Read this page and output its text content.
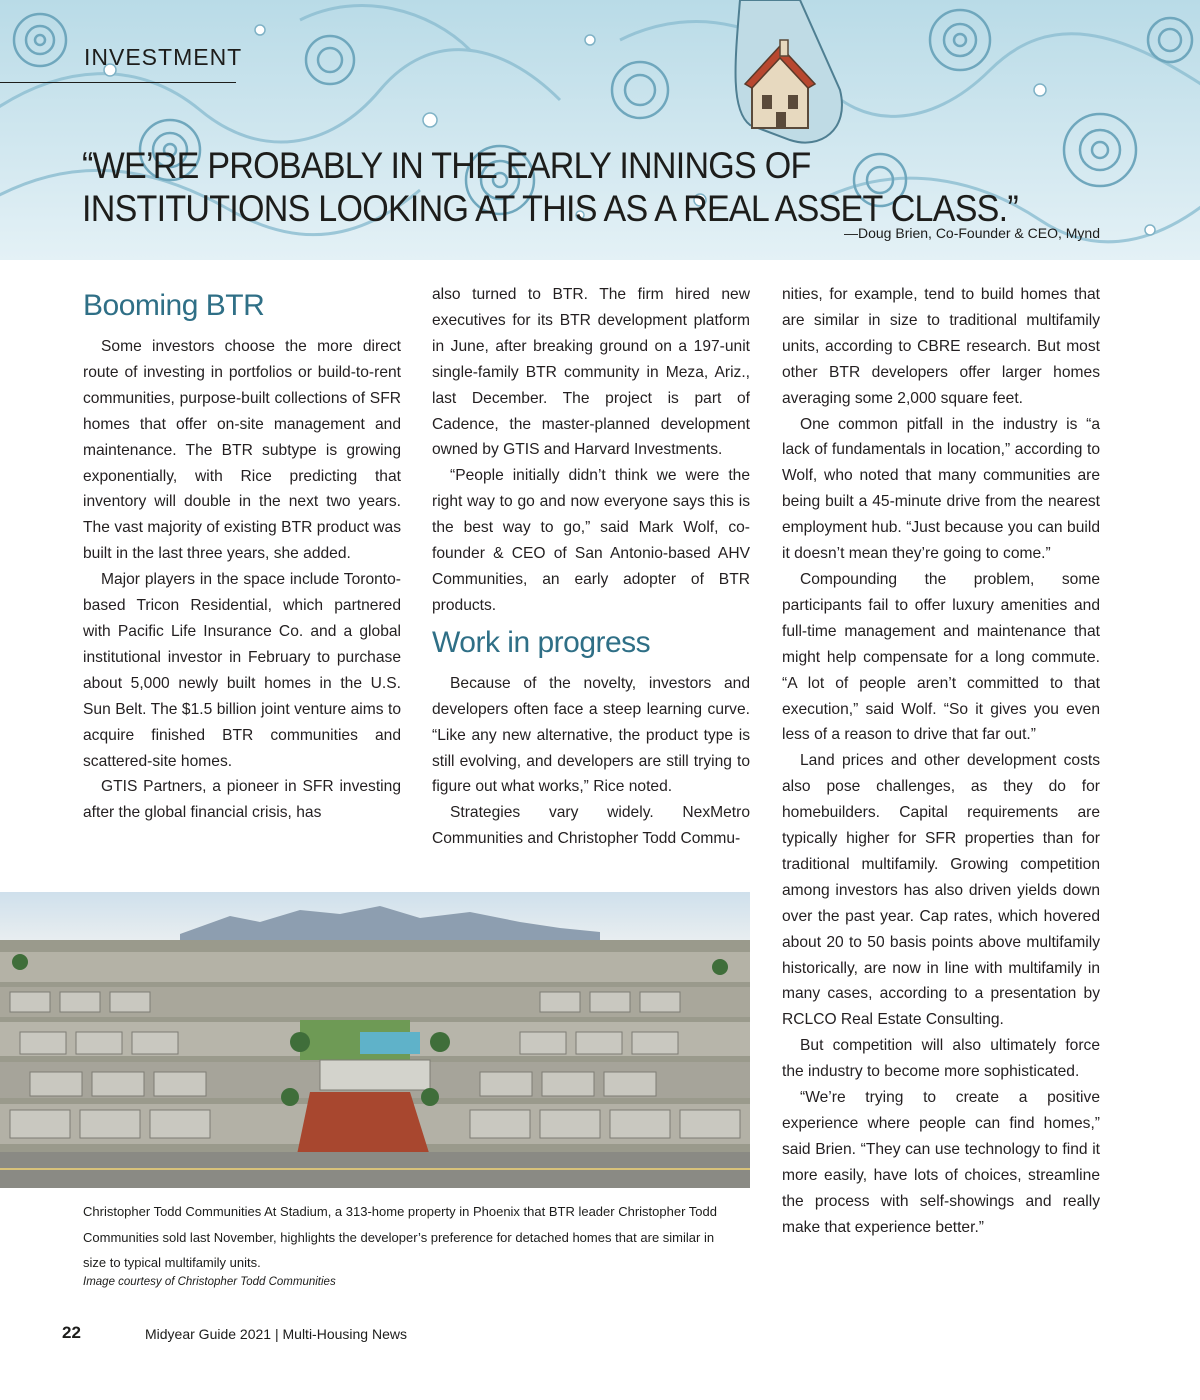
INVESTMENT
“WE’RE PROBABLY IN THE EARLY INNINGS OF INSTITUTIONS LOOKING AT THIS AS A REAL ASSET CLASS.”

—Doug Brien, Co-Founder & CEO, Mynd

Booming BTR

Some investors choose the more direct route of investing in portfolios or build-to-rent communities, purpose-built collections of SFR homes that offer on-site management and maintenance. The BTR subtype is growing exponentially, with Rice predicting that inventory will double in the next two years. The vast majority of existing BTR product was built in the last three years, she added.

Major players in the space include Toronto-based Tricon Residential, which partnered with Pacific Life Insurance Co. and a global institutional investor in February to purchase about 5,000 newly built homes in the U.S. Sun Belt. The $1.5 billion joint venture aims to acquire finished BTR communities and scattered-site homes.

GTIS Partners, a pioneer in SFR investing after the global financial crisis, has

also turned to BTR. The firm hired new executives for its BTR development platform in June, after breaking ground on a 197-unit single-family BTR community in Meza, Ariz., last December. The project is part of Cadence, the master-planned development owned by GTIS and Harvard Investments.

“People initially didn’t think we were the right way to go and now everyone says this is the best way to go,” said Mark Wolf, co-founder & CEO of San Antonio-based AHV Communities, an early adopter of BTR products.

Work in progress

Because of the novelty, investors and developers often face a steep learning curve. “Like any new alternative, the product type is still evolving, and developers are still trying to figure out what works,” Rice noted.

Strategies vary widely. NexMetro Communities and Christopher Todd Commu-

nities, for example, tend to build homes that are similar in size to traditional multifamily units, according to CBRE research. But most other BTR developers offer larger homes averaging some 2,000 square feet.

One common pitfall in the industry is “a lack of fundamentals in location,” according to Wolf, who noted that many communities are being built a 45-minute drive from the nearest employment hub. “Just because you can build it doesn’t mean they’re going to come.”

Compounding the problem, some participants fail to offer luxury amenities and full-time management and maintenance that might help compensate for a long commute. “A lot of people aren’t committed to that execution,” said Wolf. “So it gives you even less of a reason to drive that far out.”

Land prices and other development costs also pose challenges, as they do for homebuilders. Capital requirements are typically higher for SFR properties than for traditional multifamily. Growing competition among investors has also driven yields down over the past year. Cap rates, which hovered about 20 to 50 basis points above multifamily historically, are now in line with multifamily in many cases, according to a presentation by RCLCO Real Estate Consulting.

But competition will also ultimately force the industry to become more sophisticated.

“We’re trying to create a positive experience where people can find homes,” said Brien. “They can use technology to find it more easily, have lots of choices, streamline the process with self-showings and really make that experience better.”

Christopher Todd Communities At Stadium, a 313-home property in Phoenix that BTR leader Christopher Todd Communities sold last November, highlights the developer’s preference for detached homes that are similar in size to typical multifamily units.

Image courtesy of Christopher Todd Communities

22	Midyear Guide 2021 | Multi-Housing News
